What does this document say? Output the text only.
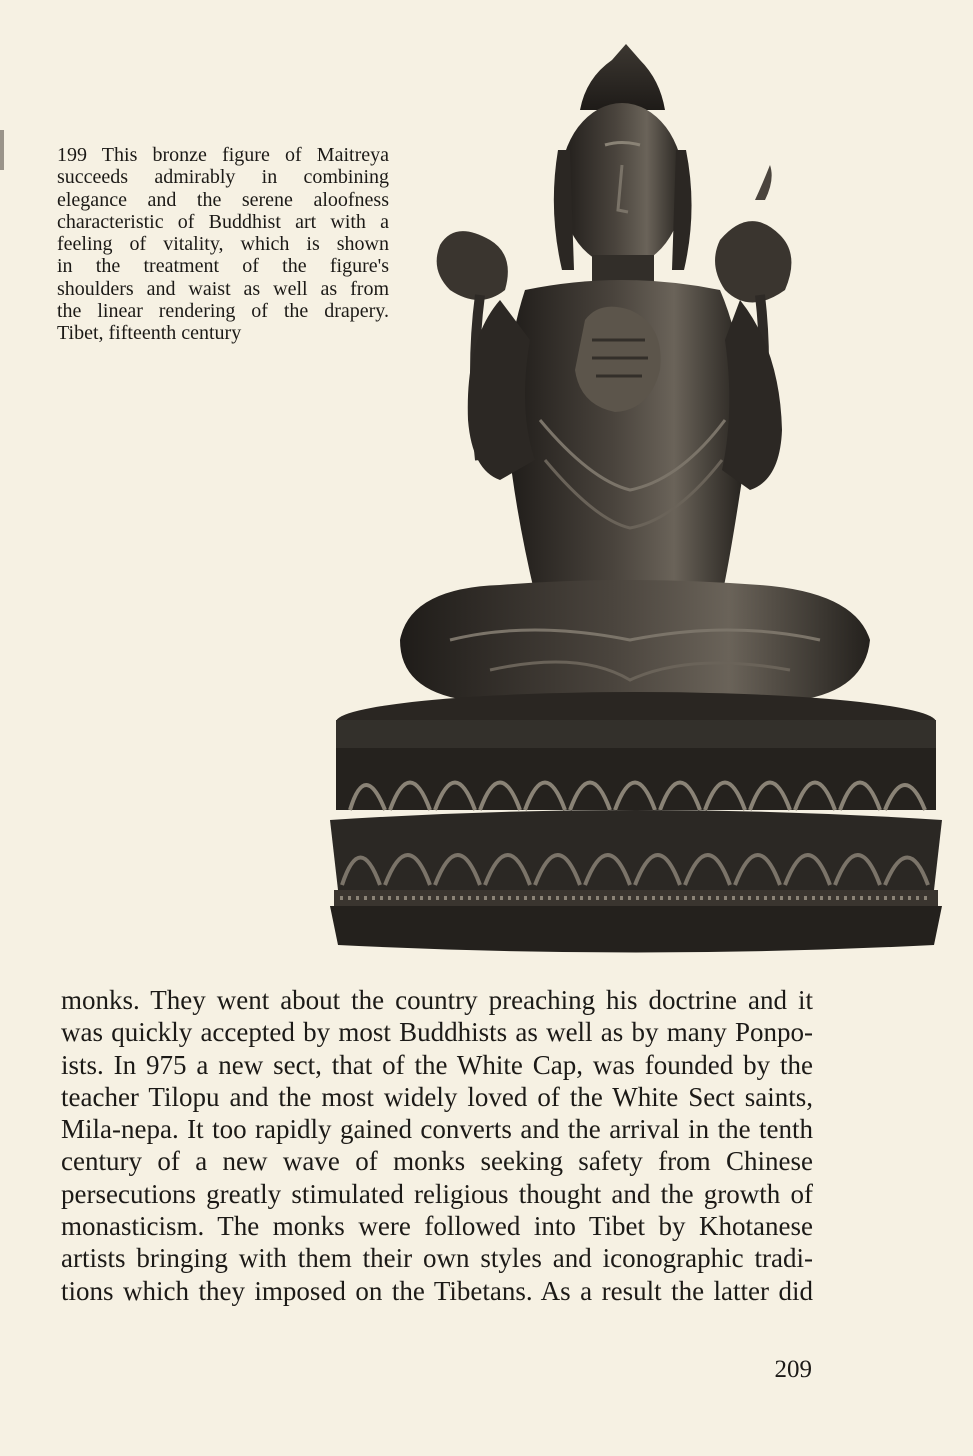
199 This bronze figure of Maitreya
succeeds admirably in combining
elegance and the serene aloofness
characteristic of Buddhist art with a
feeling of vitality, which is shown
in the treatment of the figure's
shoulders and waist as well as from
the linear rendering of the drapery.
Tibet, fifteenth century

monks. They went about the country preaching his doctrine and it
was quickly accepted by most Buddhists as well as by many Ponpo-
ists. In 975 a new sect, that of the White Cap, was founded by the
teacher Tilopu and the most widely loved of the White Sect saints,
Mila-nepa. It too rapidly gained converts and the arrival in the tenth
century of a new wave of monks seeking safety from Chinese
persecutions greatly stimulated religious thought and the growth of
monasticism. The monks were followed into Tibet by Khotanese
artists bringing with them their own styles and iconographic tradi-
tions which they imposed on the Tibetans. As a result the latter did

209
